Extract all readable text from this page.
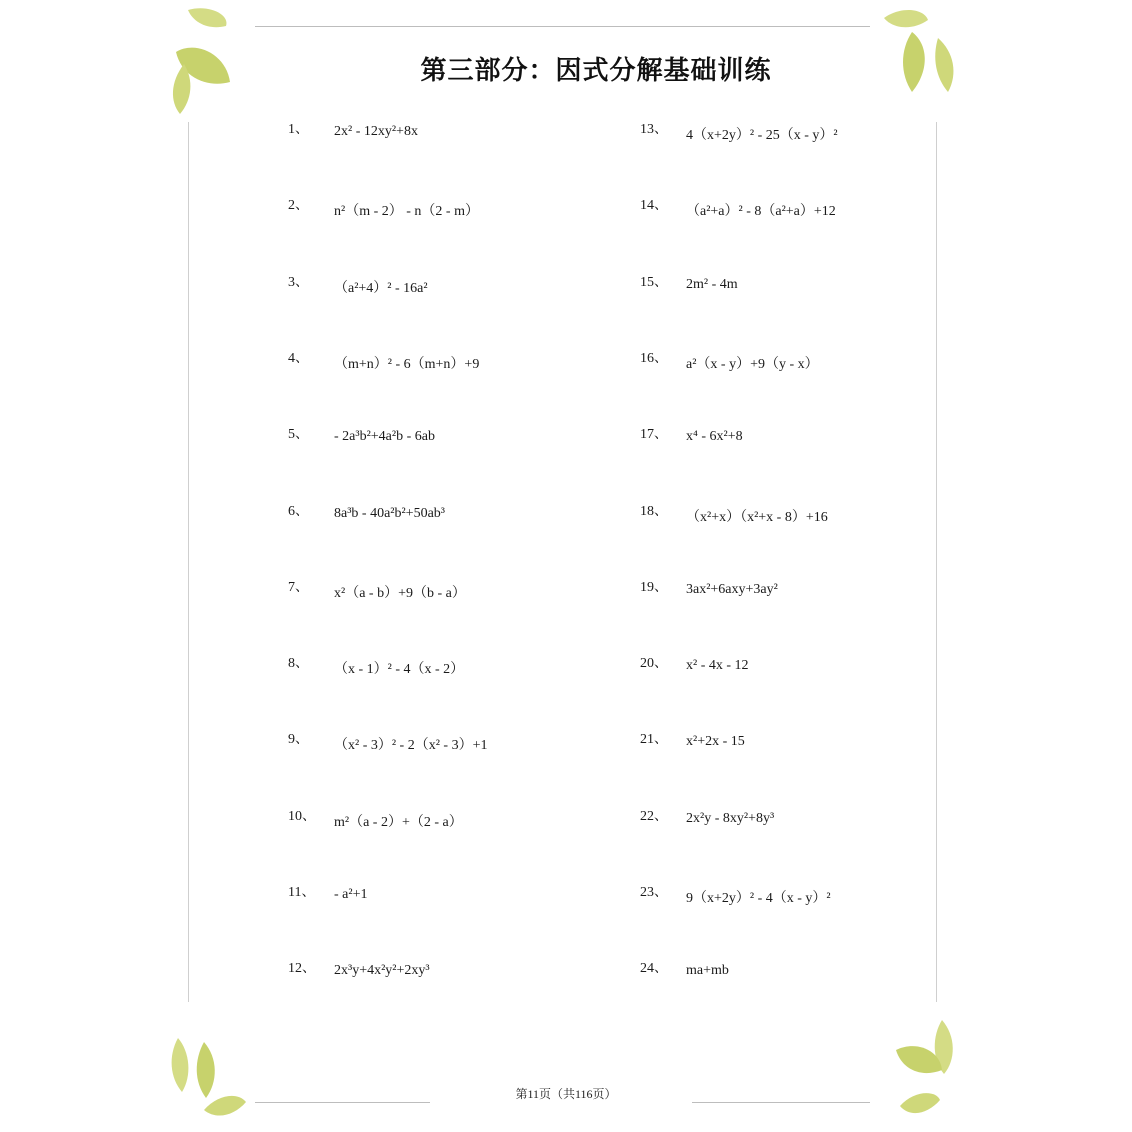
第三部分：因式分解基础训练
1、 2x² - 12xy²+8x
2、 n²（m - 2） - n（2 - m）
3、 （a²+4）² - 16a²
4、 （m+n）² - 6（m+n）+9
5、 - 2a³b²+4a²b - 6ab
6、 8a³b - 40a²b²+50ab³
7、 x²（a - b）+9（b - a）
8、 （x - 1）² - 4（x - 2）
9、 （x² - 3）² - 2（x² - 3）+1
10、 m²（a - 2）+（2 - a）
11、 - a²+1
12、 2x³y+4x²y²+2xy³
13、 4（x+2y）² - 25（x - y）²
14、 （a²+a）² - 8（a²+a）+12
15、 2m² - 4m
16、 a²（x - y）+9（y - x）
17、 x⁴ - 6x²+8
18、 （x²+x）（x²+x - 8）+16
19、 3ax²+6axy+3ay²
20、 x² - 4x - 12
21、 x²+2x - 15
22、 2x²y - 8xy²+8y³
23、 9（x+2y）² - 4（x - y）²
24、 ma+mb
第11页（共116页）
